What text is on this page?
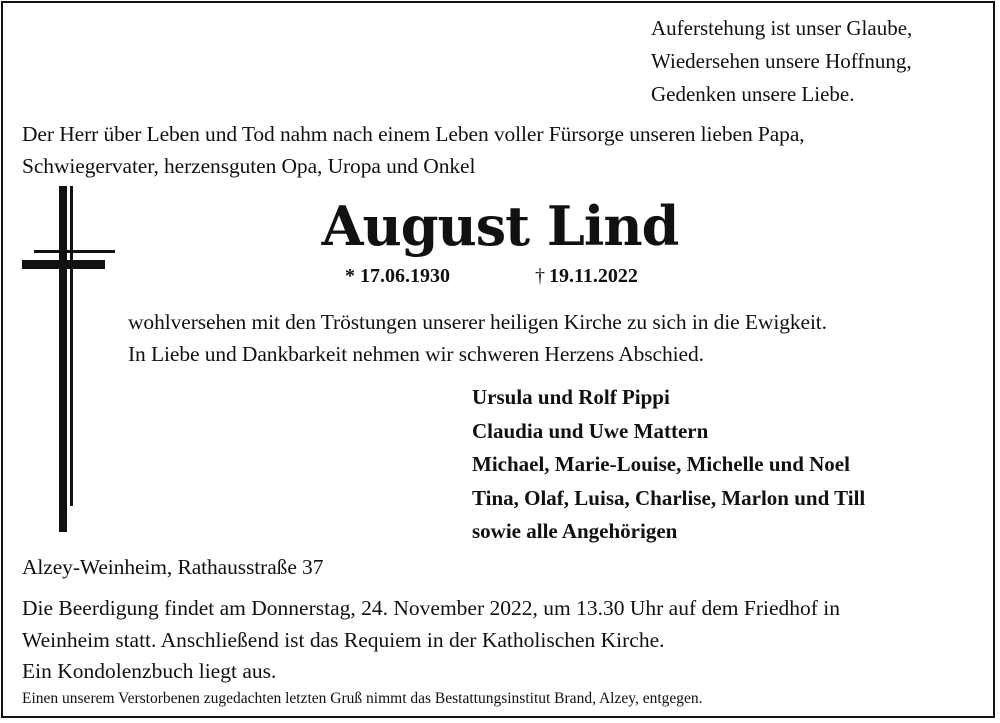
Auferstehung ist unser Glaube,
Wiedersehen unsere Hoffnung,
Gedenken unsere Liebe.
Der Herr über Leben und Tod nahm nach einem Leben voller Fürsorge unseren lieben Papa,
Schwiegervater, herzensguten Opa, Uropa und Onkel
August Lind
* 17.06.1930	† 19.11.2022
wohlversehen mit den Tröstungen unserer heiligen Kirche zu sich in die Ewigkeit.
In Liebe und Dankbarkeit nehmen wir schweren Herzens Abschied.
Ursula und Rolf Pippi
Claudia und Uwe Mattern
Michael, Marie-Louise, Michelle und Noel
Tina, Olaf, Luisa, Charlise, Marlon und Till
sowie alle Angehörigen
Alzey-Weinheim, Rathausstraße 37
Die Beerdigung findet am Donnerstag, 24. November 2022, um 13.30 Uhr auf dem Friedhof in
Weinheim statt. Anschließend ist das Requiem in der Katholischen Kirche.
Ein Kondolenzbuch liegt aus.
Einen unserem Verstorbenen zugedachten letzten Gruß nimmt das Bestattungsinstitut Brand, Alzey, entgegen.
